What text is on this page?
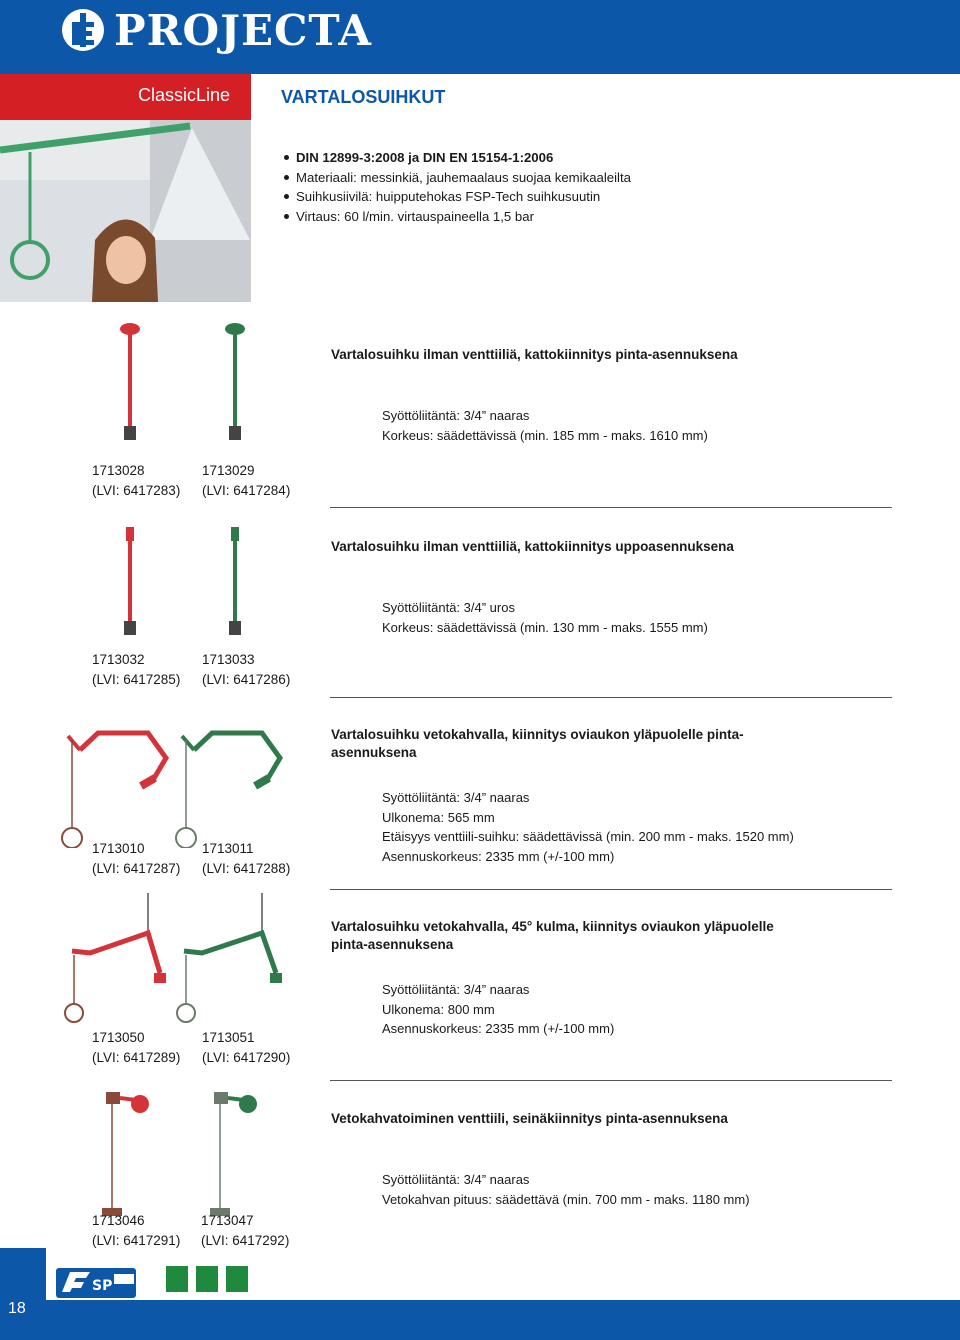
PROJECTA
ClassicLine	VARTALOSUIHKUT
DIN 12899-3:2008 ja DIN EN 15154-1:2006
Materiaali: messinkiä, jauhemaalaus suojaa kemikaaleilta
Suihkusiivilä: huipputehokas FSP-Tech suihkusuutin
Virtaus: 60 l/min. virtauspaineella 1,5 bar
Vartalosuihku ilman venttiiliä, kattokiinnitys pinta-asennuksena
Syöttöliitäntä: 3/4” naaras
Korkeus: säädettävissä (min. 185 mm - maks. 1610 mm)
1713028
(LVI: 6417283)
1713029
(LVI: 6417284)
Vartalosuihku ilman venttiiliä, kattokiinnitys uppoasennuksena
Syöttöliitäntä: 3/4” uros
Korkeus: säädettävissä (min. 130 mm - maks. 1555 mm)
1713032
(LVI: 6417285)
1713033
(LVI: 6417286)
Vartalosuihku vetokahvalla, kiinnitys oviaukon yläpuolelle pinta-asennuksena
Syöttöliitäntä: 3/4” naaras
Ulkonema: 565 mm
Etäisyys venttiili-suihku: säädettävissä (min. 200 mm - maks. 1520 mm)
Asennuskorkeus: 2335 mm (+/-100 mm)
1713010
(LVI: 6417287)
1713011
(LVI: 6417288)
Vartalosuihku vetokahvalla, 45° kulma, kiinnitys oviaukon yläpuolelle pinta-asennuksena
Syöttöliitäntä: 3/4” naaras
Ulkonema: 800 mm
Asennuskorkeus: 2335 mm (+/-100 mm)
1713050
(LVI: 6417289)
1713051
(LVI: 6417290)
Vetokahvatoiminen venttiili, seinäkiinnitys pinta-asennuksena
Syöttöliitäntä: 3/4” naaras
Vetokahvan pituus: säädettävä (min. 700 mm - maks. 1180 mm)
1713046
(LVI: 6417291)
1713047
(LVI: 6417292)
18
SP
